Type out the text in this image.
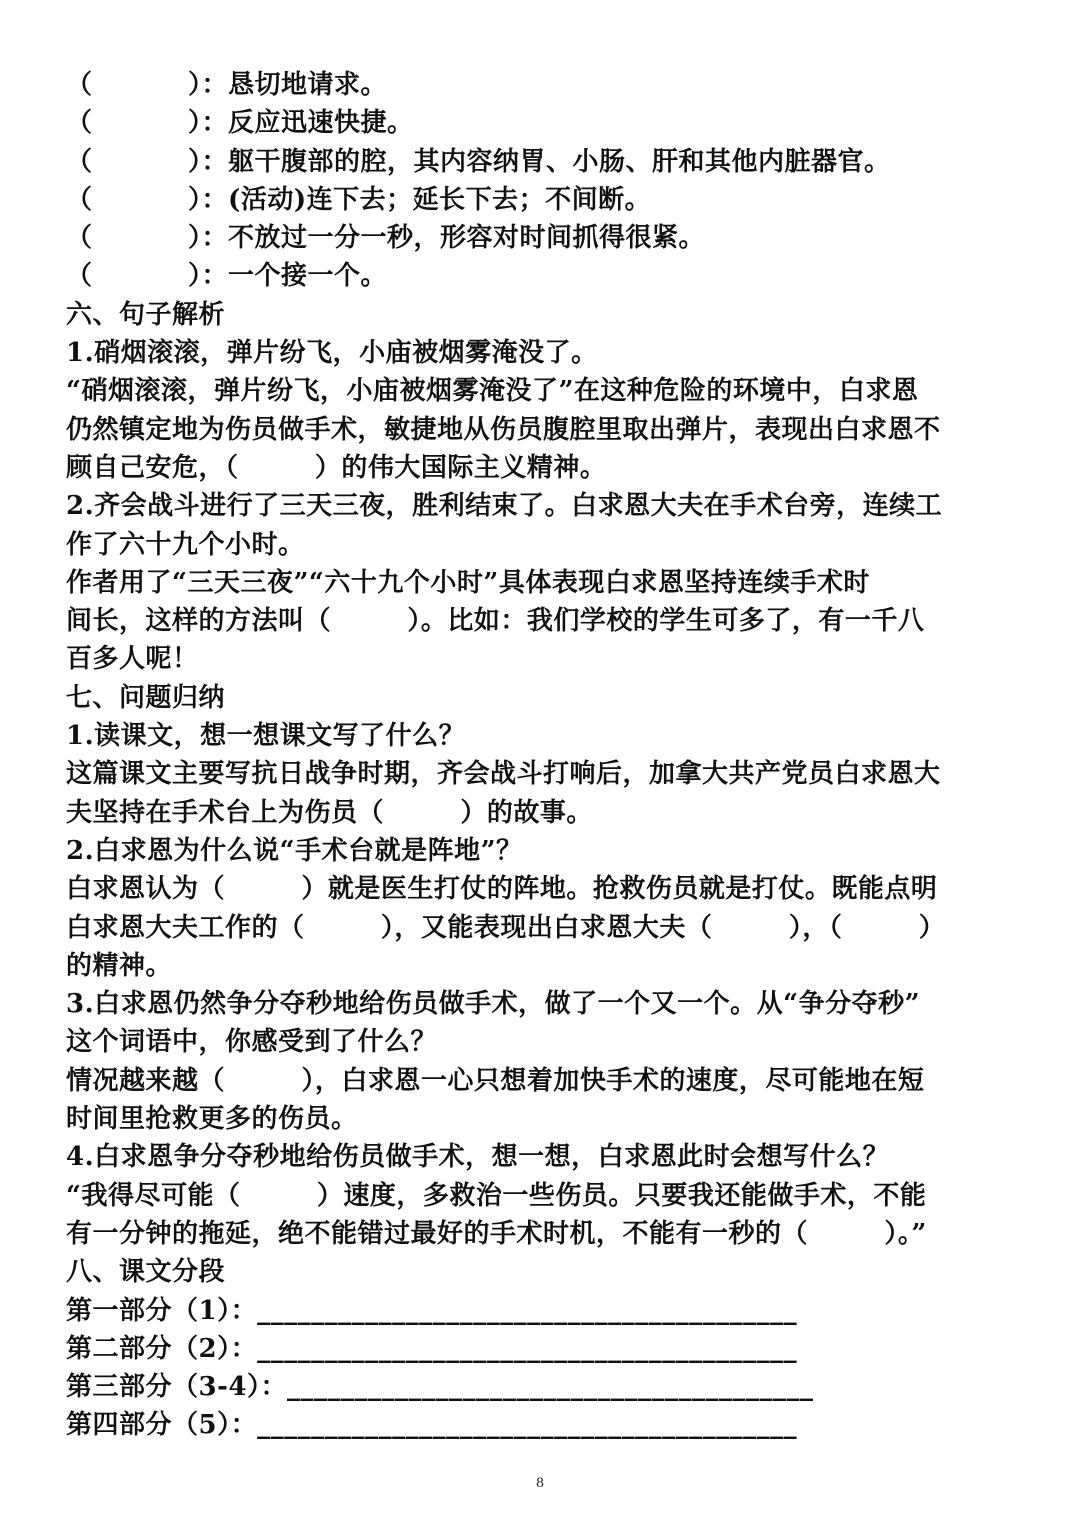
（          ）：恳切地请求。
（          ）：反应迅速快捷。
（          ）：躯干腹部的腔，其内容纳胃、小肠、肝和其他内脏器官。
（          ）：(活动)连下去；延长下去；不间断。
（          ）：不放过一分一秒，形容对时间抓得很紧。
（          ）：一个接一个。
六、句子解析
1.硝烟滚滚，弹片纷飞，小庙被烟雾淹没了。
“硝烟滚滚，弹片纷飞，小庙被烟雾淹没了”在这种危险的环境中，白求恩
仍然镇定地为伤员做手术，敏捷地从伤员腹腔里取出弹片，表现出白求恩不
顾自己安危，（        ）的伟大国际主义精神。
2.齐会战斗进行了三天三夜，胜利结束了。白求恩大夫在手术台旁，连续工
作了六十九个小时。
作者用了“三天三夜”“六十九个小时”具体表现白求恩坚持连续手术时
间长，这样的方法叫（        ）。比如：我们学校的学生可多了，有一千八
百多人呢！
七、问题归纳
1.读课文，想一想课文写了什么？
这篇课文主要写抗日战争时期，齐会战斗打响后，加拿大共产党员白求恩大
夫坚持在手术台上为伤员（        ）的故事。
2.白求恩为什么说“手术台就是阵地”？
白求恩认为（        ）就是医生打仗的阵地。抢救伤员就是打仗。既能点明
白求恩大夫工作的（        ），又能表现出白求恩大夫（        ），（        ）
的精神。
3.白求恩仍然争分夺秒地给伤员做手术，做了一个又一个。从“争分夺秒”
这个词语中，你感受到了什么？
情况越来越（        ），白求恩一心只想着加快手术的速度，尽可能地在短
时间里抢救更多的伤员。
4.白求恩争分夺秒地给伤员做手术，想一想，白求恩此时会想写什么？
“我得尽可能（        ）速度，多救治一些伤员。只要我还能做手术，不能
有一分钟的拖延，绝不能错过最好的手术时机，不能有一秒的（        ）。”
八、课文分段
第一部分（1）：________________________________________
第二部分（2）：________________________________________
第三部分（3-4）：_______________________________________
第四部分（5）：________________________________________
8
